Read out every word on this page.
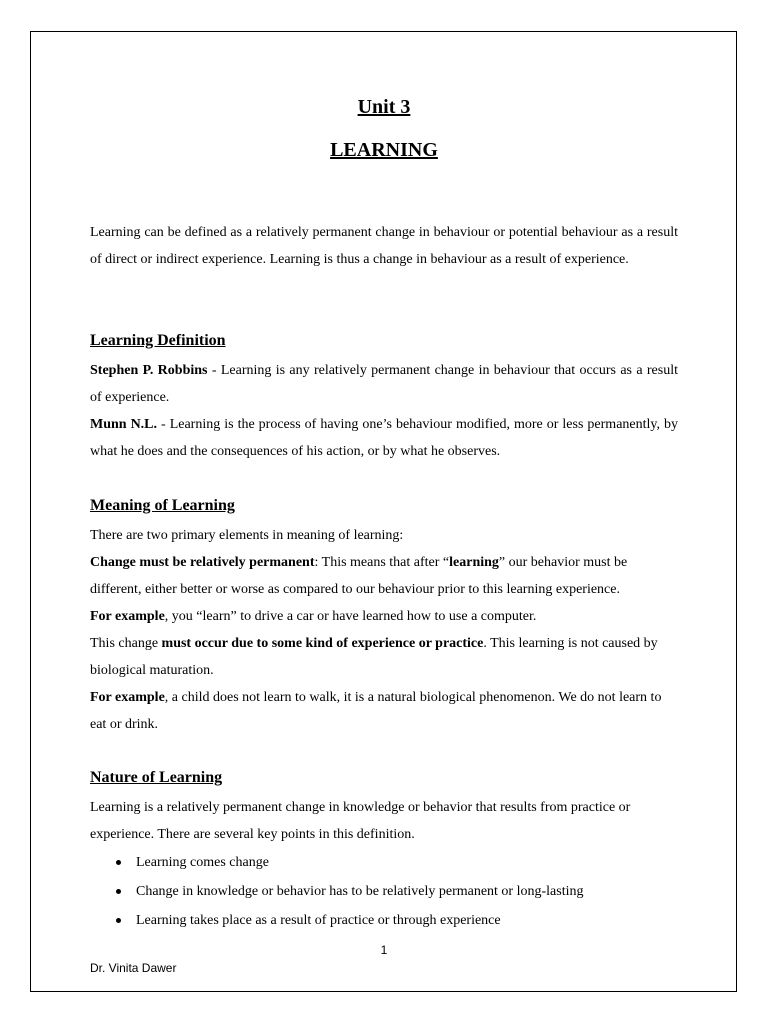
Unit 3
LEARNING

Learning can be defined as a relatively permanent change in behaviour or potential behaviour as a result of direct or indirect experience. Learning is thus a change in behaviour as a result of experience.

Learning Definition

Stephen P. Robbins - Learning is any relatively permanent change in behaviour that occurs as a result of experience.

Munn N.L. - Learning is the process of having one’s behaviour modified, more or less permanently, by what he does and the consequences of his action, or by what he observes.

Meaning of Learning

There are two primary elements in meaning of learning:

Change must be relatively permanent: This means that after “learning” our behavior must be different, either better or worse as compared to our behaviour prior to this learning experience.

For example, you “learn” to drive a car or have learned how to use a computer.

This change must occur due to some kind of experience or practice. This learning is not caused by biological maturation.

For example, a child does not learn to walk, it is a natural biological phenomenon. We do not learn to eat or drink.

Nature of Learning

Learning is a relatively permanent change in knowledge or behavior that results from practice or experience. There are several key points in this definition.

Learning comes change
Change in knowledge or behavior has to be relatively permanent or long-lasting
Learning takes place as a result of practice or through experience
1
Dr. Vinita Dawer
